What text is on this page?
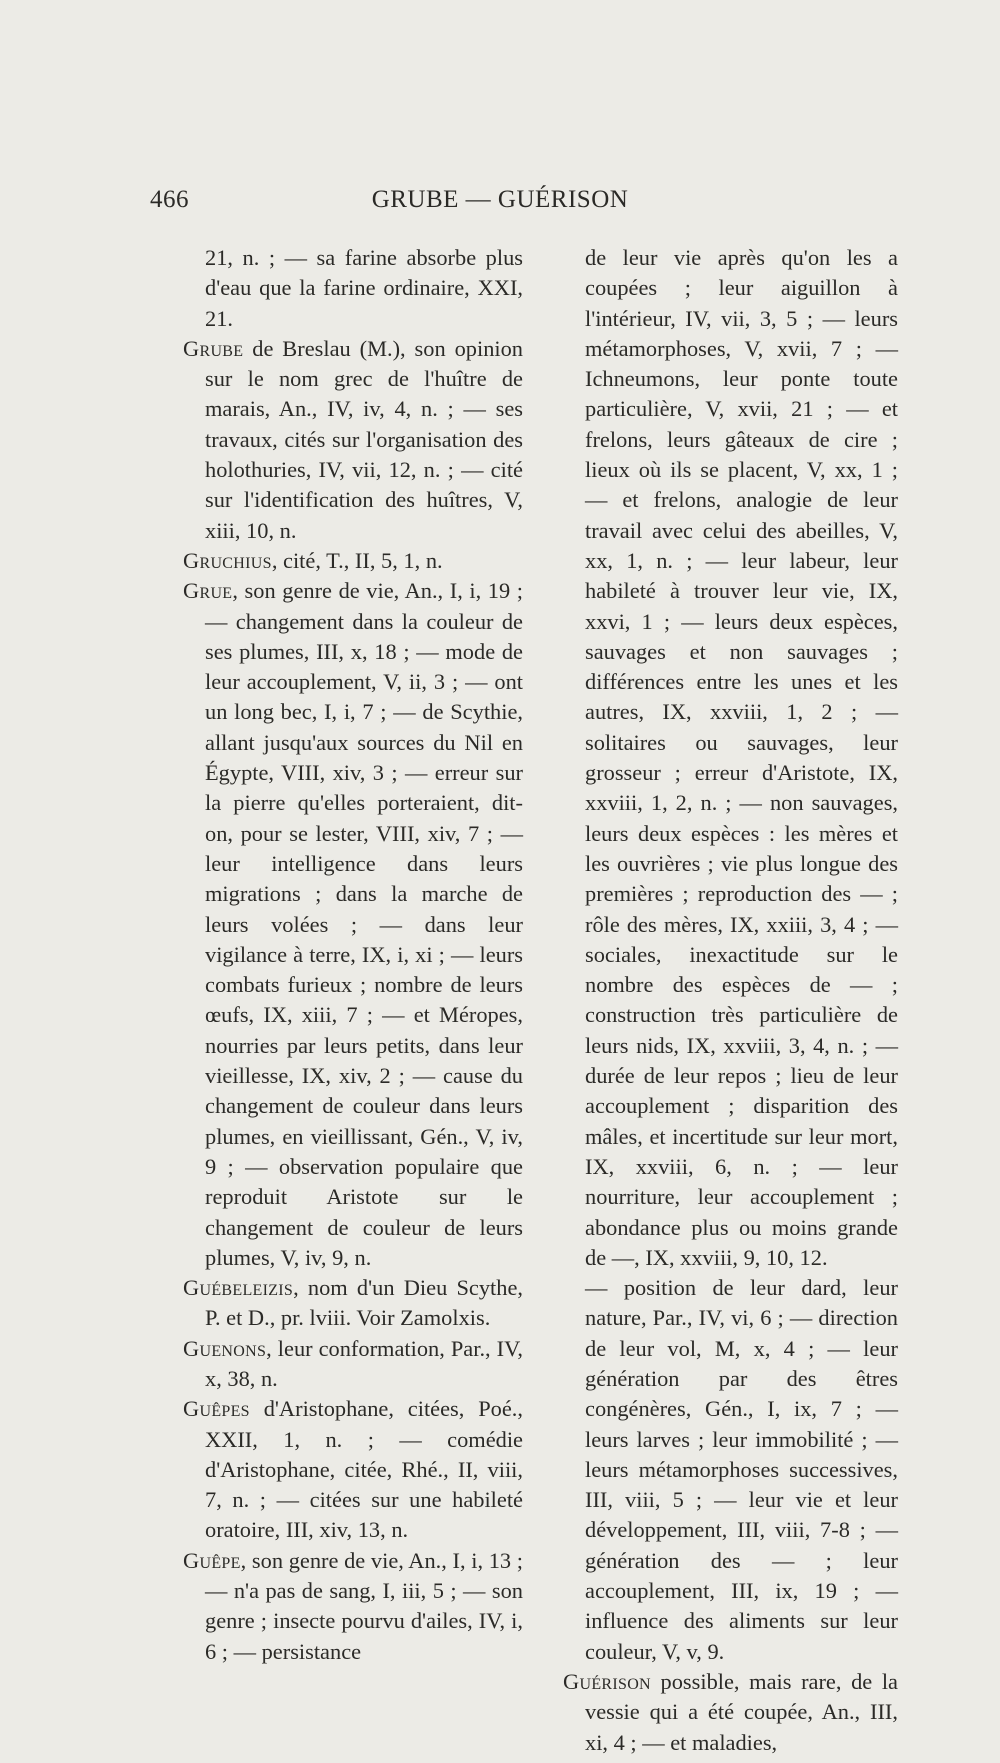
466	GRUBE — GUÉRISON

21, n. ; — sa farine absorbe plus d'eau que la farine ordinaire, XXI, 21.

Grube de Breslau (M.), son opinion sur le nom grec de l'huître de marais, An., IV, iv, 4, n. ; — ses travaux, cités sur l'organisation des holothuries, IV, vii, 12, n. ; — cité sur l'identification des huîtres, V, xiii, 10, n.

Gruchius, cité, T., II, 5, 1, n.

Grue, son genre de vie, An., I, i, 19 ; — changement dans la couleur de ses plumes, III, x, 18 ; — mode de leur accouplement, V, ii, 3 ; — ont un long bec, I, i, 7 ; — de Scythie, allant jusqu'aux sources du Nil en Égypte, VIII, xiv, 3 ; — erreur sur la pierre qu'elles porteraient, dit-on, pour se lester, VIII, xiv, 7 ; — leur intelligence dans leurs migrations ; dans la marche de leurs volées ; — dans leur vigilance à terre, IX, i, xi ; — leurs combats furieux ; nombre de leurs œufs, IX, xiii, 7 ; — et Méropes, nourries par leurs petits, dans leur vieillesse, IX, xiv, 2 ; — cause du changement de couleur dans leurs plumes, en vieillissant, Gén., V, iv, 9 ; — observation populaire que reproduit Aristote sur le changement de couleur de leurs plumes, V, iv, 9, n.

Guébeleizis, nom d'un Dieu Scythe, P. et D., pr. lviii. Voir Zamolxis.

Guenons, leur conformation, Par., IV, x, 38, n.

Guêpes d'Aristophane, citées, Poé., XXII, 1, n. ; — comédie d'Aristophane, citée, Rhé., II, viii, 7, n. ; — citées sur une habileté oratoire, III, xiv, 13, n.

Guêpe, son genre de vie, An., I, i, 13 ; — n'a pas de sang, I, iii, 5 ; — son genre ; insecte pourvu d'ailes, IV, i, 6 ; — persistance

de leur vie après qu'on les a coupées ; leur aiguillon à l'intérieur, IV, vii, 3, 5 ; — leurs métamorphoses, V, xvii, 7 ; — Ichneumons, leur ponte toute particulière, V, xvii, 21 ; — et frelons, leurs gâteaux de cire ; lieux où ils se placent, V, xx, 1 ; — et frelons, analogie de leur travail avec celui des abeilles, V, xx, 1, n. ; — leur labeur, leur habileté à trouver leur vie, IX, xxvi, 1 ; — leurs deux espèces, sauvages et non sauvages ; différences entre les unes et les autres, IX, xxviii, 1, 2 ; — solitaires ou sauvages, leur grosseur ; erreur d'Aristote, IX, xxviii, 1, 2, n. ; — non sauvages, leurs deux espèces : les mères et les ouvrières ; vie plus longue des premières ; reproduction des — ; rôle des mères, IX, xxiii, 3, 4 ; — sociales, inexactitude sur le nombre des espèces de — ; construction très particulière de leurs nids, IX, xxviii, 3, 4, n. ; — durée de leur repos ; lieu de leur accouplement ; disparition des mâles, et incertitude sur leur mort, IX, xxviii, 6, n. ; — leur nourriture, leur accouplement ; abondance plus ou moins grande de —, IX, xxviii, 9, 10, 12.

— position de leur dard, leur nature, Par., IV, vi, 6 ; — direction de leur vol, M, x, 4 ; — leur génération par des êtres congénères, Gén., I, ix, 7 ; — leurs larves ; leur immobilité ; — leurs métamorphoses successives, III, viii, 5 ; — leur vie et leur développement, III, viii, 7-8 ; — génération des — ; leur accouplement, III, ix, 19 ; — influence des aliments sur leur couleur, V, v, 9.

Guérison possible, mais rare, de la vessie qui a été coupée, An., III, xi, 4 ; — et maladies,
